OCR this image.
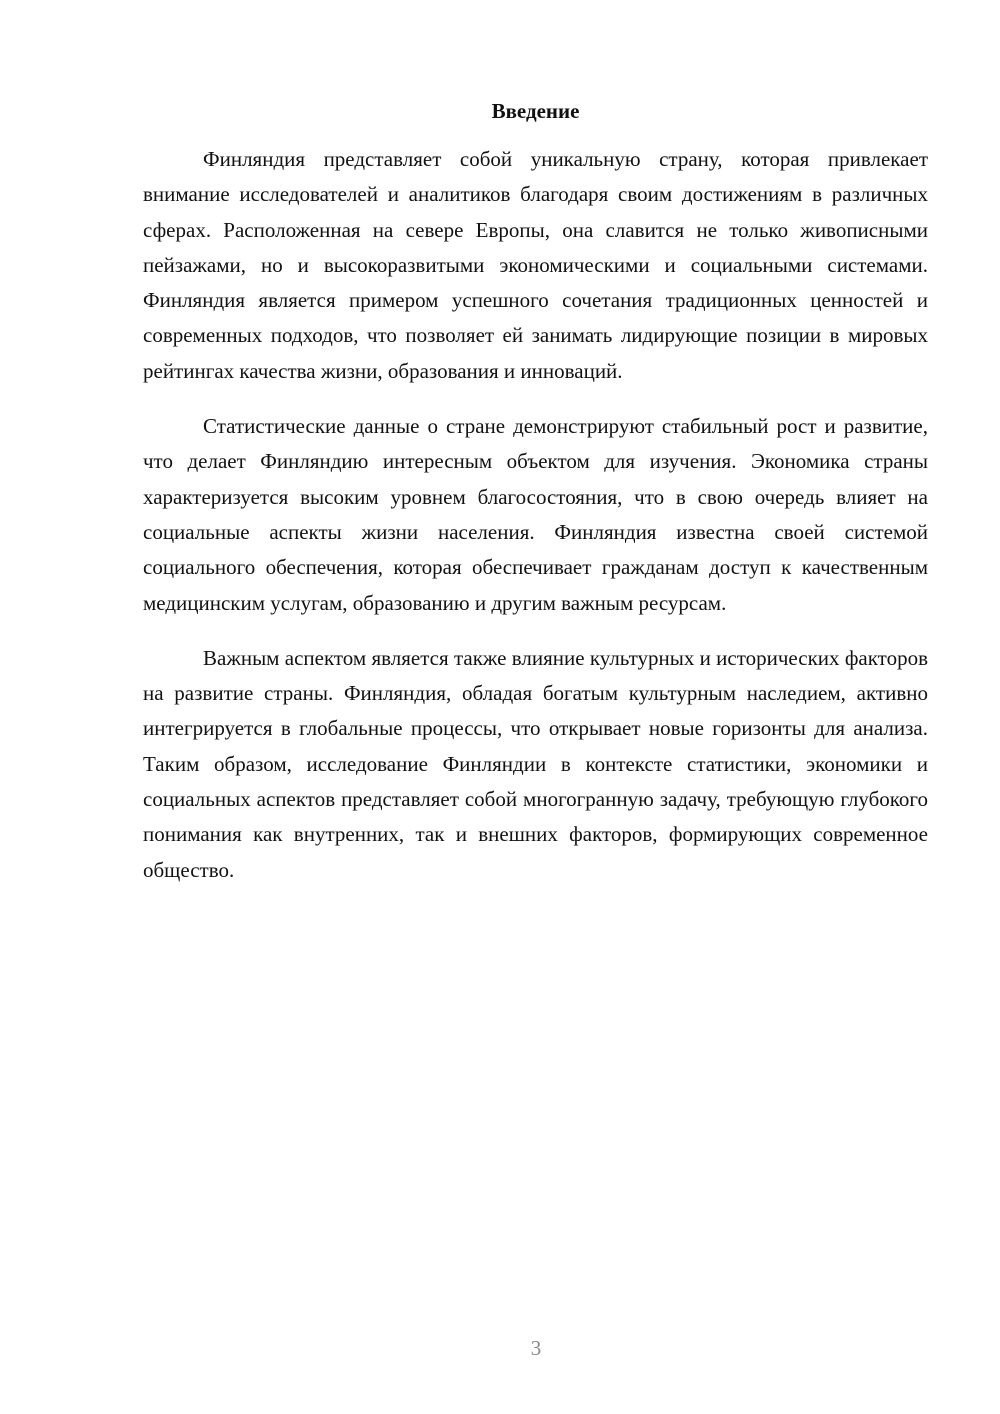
Введение

Финляндия представляет собой уникальную страну, которая привлекает внимание исследователей и аналитиков благодаря своим достижениям в различных сферах. Расположенная на севере Европы, она славится не только живописными пейзажами, но и высокоразвитыми экономическими и социальными системами. Финляндия является примером успешного сочетания традиционных ценностей и современных подходов, что позволяет ей занимать лидирующие позиции в мировых рейтингах качества жизни, образования и инноваций.

Статистические данные о стране демонстрируют стабильный рост и развитие, что делает Финляндию интересным объектом для изучения. Экономика страны характеризуется высоким уровнем благосостояния, что в свою очередь влияет на социальные аспекты жизни населения. Финляндия известна своей системой социального обеспечения, которая обеспечивает гражданам доступ к качественным медицинским услугам, образованию и другим важным ресурсам.

Важным аспектом является также влияние культурных и исторических факторов на развитие страны. Финляндия, обладая богатым культурным наследием, активно интегрируется в глобальные процессы, что открывает новые горизонты для анализа. Таким образом, исследование Финляндии в контексте статистики, экономики и социальных аспектов представляет собой многогранную задачу, требующую глубокого понимания как внутренних, так и внешних факторов, формирующих современное общество.

3
